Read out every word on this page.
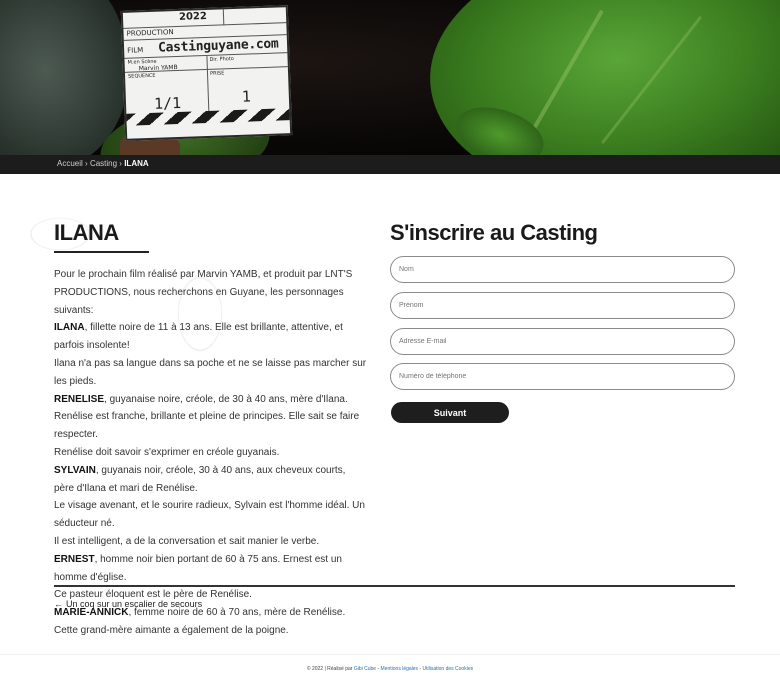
2022
PRODUCTION
FILM Castinguyane.com
M.en Scène
Marvin YAMB
Dir. Photo
SEQUENCE	PRISE
1/1	1
Accueil › Casting › ILANA
ILANA

Pour le prochain film réalisé par Marvin YAMB, et produit par LNT'S PRODUCTIONS, nous recherchons en Guyane, les personnages suivants:

ILANA, fillette noire de 11 à 13 ans. Elle est brillante, attentive, et parfois insolente!

Ilana n'a pas sa langue dans sa poche et ne se laisse pas marcher sur les pieds.

RENELISE, guyanaise noire, créole, de 30 à 40 ans, mère d'Ilana.

Renélise est franche, brillante et pleine de principes. Elle sait se faire respecter.

Renélise doit savoir s'exprimer en créole guyanais.

SYLVAIN, guyanais noir, créole, 30 à 40 ans, aux cheveux courts,

père d'Ilana et mari de Renélise.

Le visage avenant, et le sourire radieux, Sylvain est l'homme idéal. Un séducteur né.

Il est intelligent, a de la conversation et sait manier le verbe.

ERNEST, homme noir bien portant de 60 à 75 ans. Ernest est un homme d'église.

Ce pasteur éloquent est le père de Renélise.

MARIE-ANNICK, femme noire de 60 à 70 ans, mère de Renélise.

Cette grand-mère aimante a également de la poigne.

S'inscrire au Casting
Nom
Prénom
Adresse E-mail
Numéro de téléphone
Suivant
← Un coq sur un escalier de secours
© 2022 | Réalisé par Gibi Cube - Mentions légales - Utilisation des Cookies
